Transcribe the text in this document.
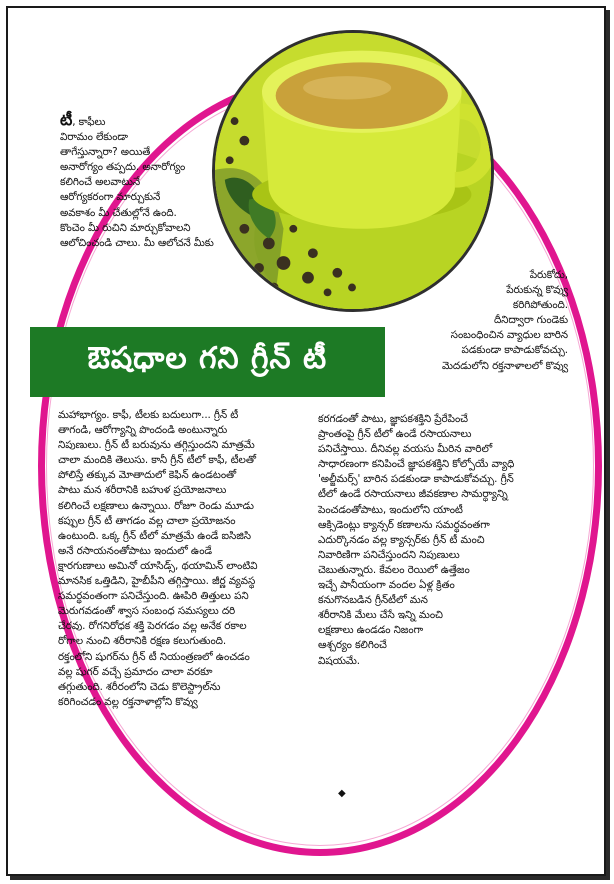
టీ, కాఫీలు
విరామం లేకుండా
తాగేస్తున్నారా? అయితే
అనారోగ్యం తప్పదు. అనారోగ్యం
కలిగించే అలవాటునే
ఆరోగ్యకరంగా మార్చుకునే
అవకాశం మీ చేతుల్లోనే ఉంది.
కొంచెం మీ రుచిని మార్చుకోవాలని
ఆలోచించండి చాలు. మీ ఆలోచనే మీకు
పేరుకోదు,
పేరుకున్న కొవ్వు
కరిగిపోతుంది.
దీనిద్వారా గుండెకు
సంబంధించిన వ్యాధుల బారిన
పడకుండా కాపాడుకోవచ్చు.
మెదడులోని రక్తనాళాలలో కొవ్వు
ఔషధాల గని గ్రీన్ టీ
మహాభాగ్యం. కాఫీ, టీలకు బదులుగా... గ్రీన్ టీ
తాగండి, ఆరోగ్యాన్ని పొందండి అంటున్నారు
నిపుణులు. గ్రీన్ టీ బరువును తగ్గిస్తుందని మాత్రమే
చాలా మందికి తెలుసు. కానీ గ్రీన్ టీలో కాఫీ, టీలతో
పోలిస్తే తక్కువ మోతాదులో కెఫిన్ ఉండటంతో
పాటు మన శరీరానికి బహుళ ప్రయోజనాలు
కలిగించే లక్షణాలు ఉన్నాయి. రోజూ రెండు మూడు
కప్పుల గ్రీన్ టీ తాగడం వల్ల చాలా ప్రయోజనం
ఉంటుంది. ఒక్క గ్రీన్ టీలో మాత్రమే ఉండే ఐసిజిసి
అనే రసాయనంతోపాటు ఇందులో ఉండే
క్షారగుణాలు అమినో యాసిడ్స్, థయామిన్ లాంటివి
మానసిక ఒత్తిడిని, హైబీపీని తగ్గిస్తాయి. జీర్ణ వ్యవస్థ
సమర్థవంతంగా పనిచేస్తుంది. ఊపిరి తిత్తులు పని
మెరుగవడంతో శ్వాస సంబంధ సమస్యలు దరి
చేరవు. రోగనిరోధక శక్తి పెరగడం వల్ల అనేక రకాల
రోగాల నుంచి శరీరానికి రక్షణ కలుగుతుంది.
రక్తంలోని షుగర్‌ను గ్రీన్ టీ నియంత్రణలో ఉంచడం
వల్ల షుగర్ వచ్చే ప్రమాదం చాలా వరకూ
తగ్గుతుంది. శరీరంలోని చెడు కొలెస్ట్రాల్‌ను
కరిగించడం వల్ల రక్తనాళాల్లోని కొవ్వు
కరగడంతో పాటు, జ్ఞాపకశక్తిని ప్రేరేపించే
ప్రాంతంపై గ్రీన్ టీలో ఉండే రసాయనాలు
పనిచేస్తాయి. దీనివల్ల వయసు మీరిన వారిలో
సాధారణంగా కనిపించే జ్ఞాపకశక్తిని కోల్పోయే వ్యాధి
'అల్జీమర్స్' బారిన పడకుండా కాపాడుకోవచ్చు. గ్రీన్
టీలో ఉండే రసాయనాలు జీవకణాల సామర్థ్యాన్ని
పెంచడంతోపాటు, ఇందులోని యాంటీ
ఆక్సిడెంట్లు క్యాన్సర్ కణాలను సమర్థవంతగా
ఎదుర్కొనడం వల్ల క్యాన్సర్‌కు గ్రీన్ టీ మంచి
నివారిణిగా పనిచేస్తుందని నిపుణులు
చెబుతున్నారు. కేవలం రెయిలో ఉత్తేజం
ఇచ్చే పానీయంగా వందల ఏళ్ల క్రితం
కనుగొనబడిన గ్రీన్‌టీలో మన
శరీరానికి మేలు చేసే ఇన్ని మంచి
లక్షణాలు ఉండడం నిజంగా
ఆశ్చర్యం కలిగించే
విషయమే.
◆
